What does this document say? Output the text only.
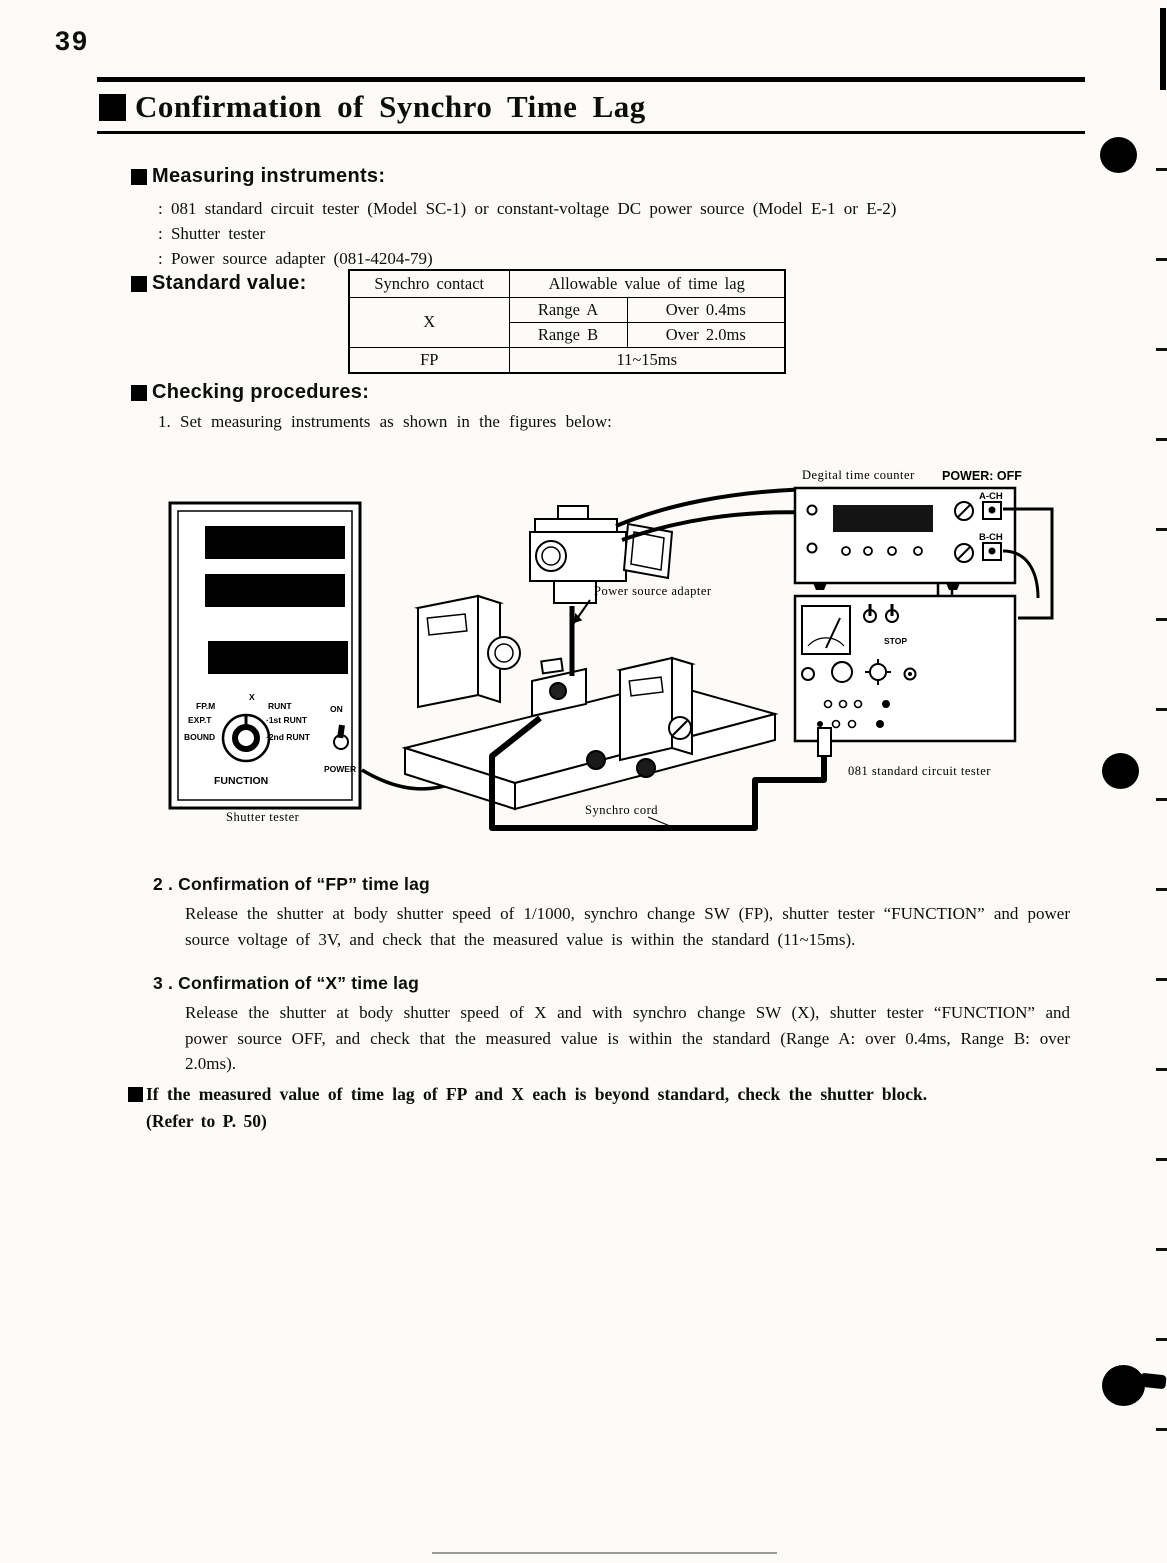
39
Confirmation of Synchro Time Lag
Measuring instruments:
: 081 standard circuit tester (Model SC-1) or constant-voltage DC power source (Model E-1 or E-2)
: Shutter tester
: Power source adapter (081-4204-79)
Standard value:	Synchro contact	Allowable value of time lag	
X	Range A	Over 0.4ms
	Range B	Over 2.0ms
FP	11~15ms	
Checking procedures:
1. Set measuring instruments as shown in the figures below:
FP.M
X
RUNT
EXP.T	·1st RUNT
BOUND	·2nd RUNT
ON
POWER
FUNCTION
Shutter tester
Power source adapter
Synchro cord
Degital time counter POWER: OFF
A-CH
B-CH
STOP
081 standard circuit tester
2 . Confirmation of “FP” time lag
Release the shutter at body shutter speed of 1/1000, synchro change SW (FP), shutter tester “FUNCTION” and power source voltage of 3V, and check that the measured value is within the standard (11~15ms).
3 . Confirmation of “X” time lag
Release the shutter at body shutter speed of X and with synchro change SW (X), shutter tester “FUNCTION” and power source OFF, and check that the measured value is within the standard (Range A: over 0.4ms, Range B: over 2.0ms).
If the measured value of time lag of FP and X each is beyond standard, check the shutter block.
(Refer to P. 50)
